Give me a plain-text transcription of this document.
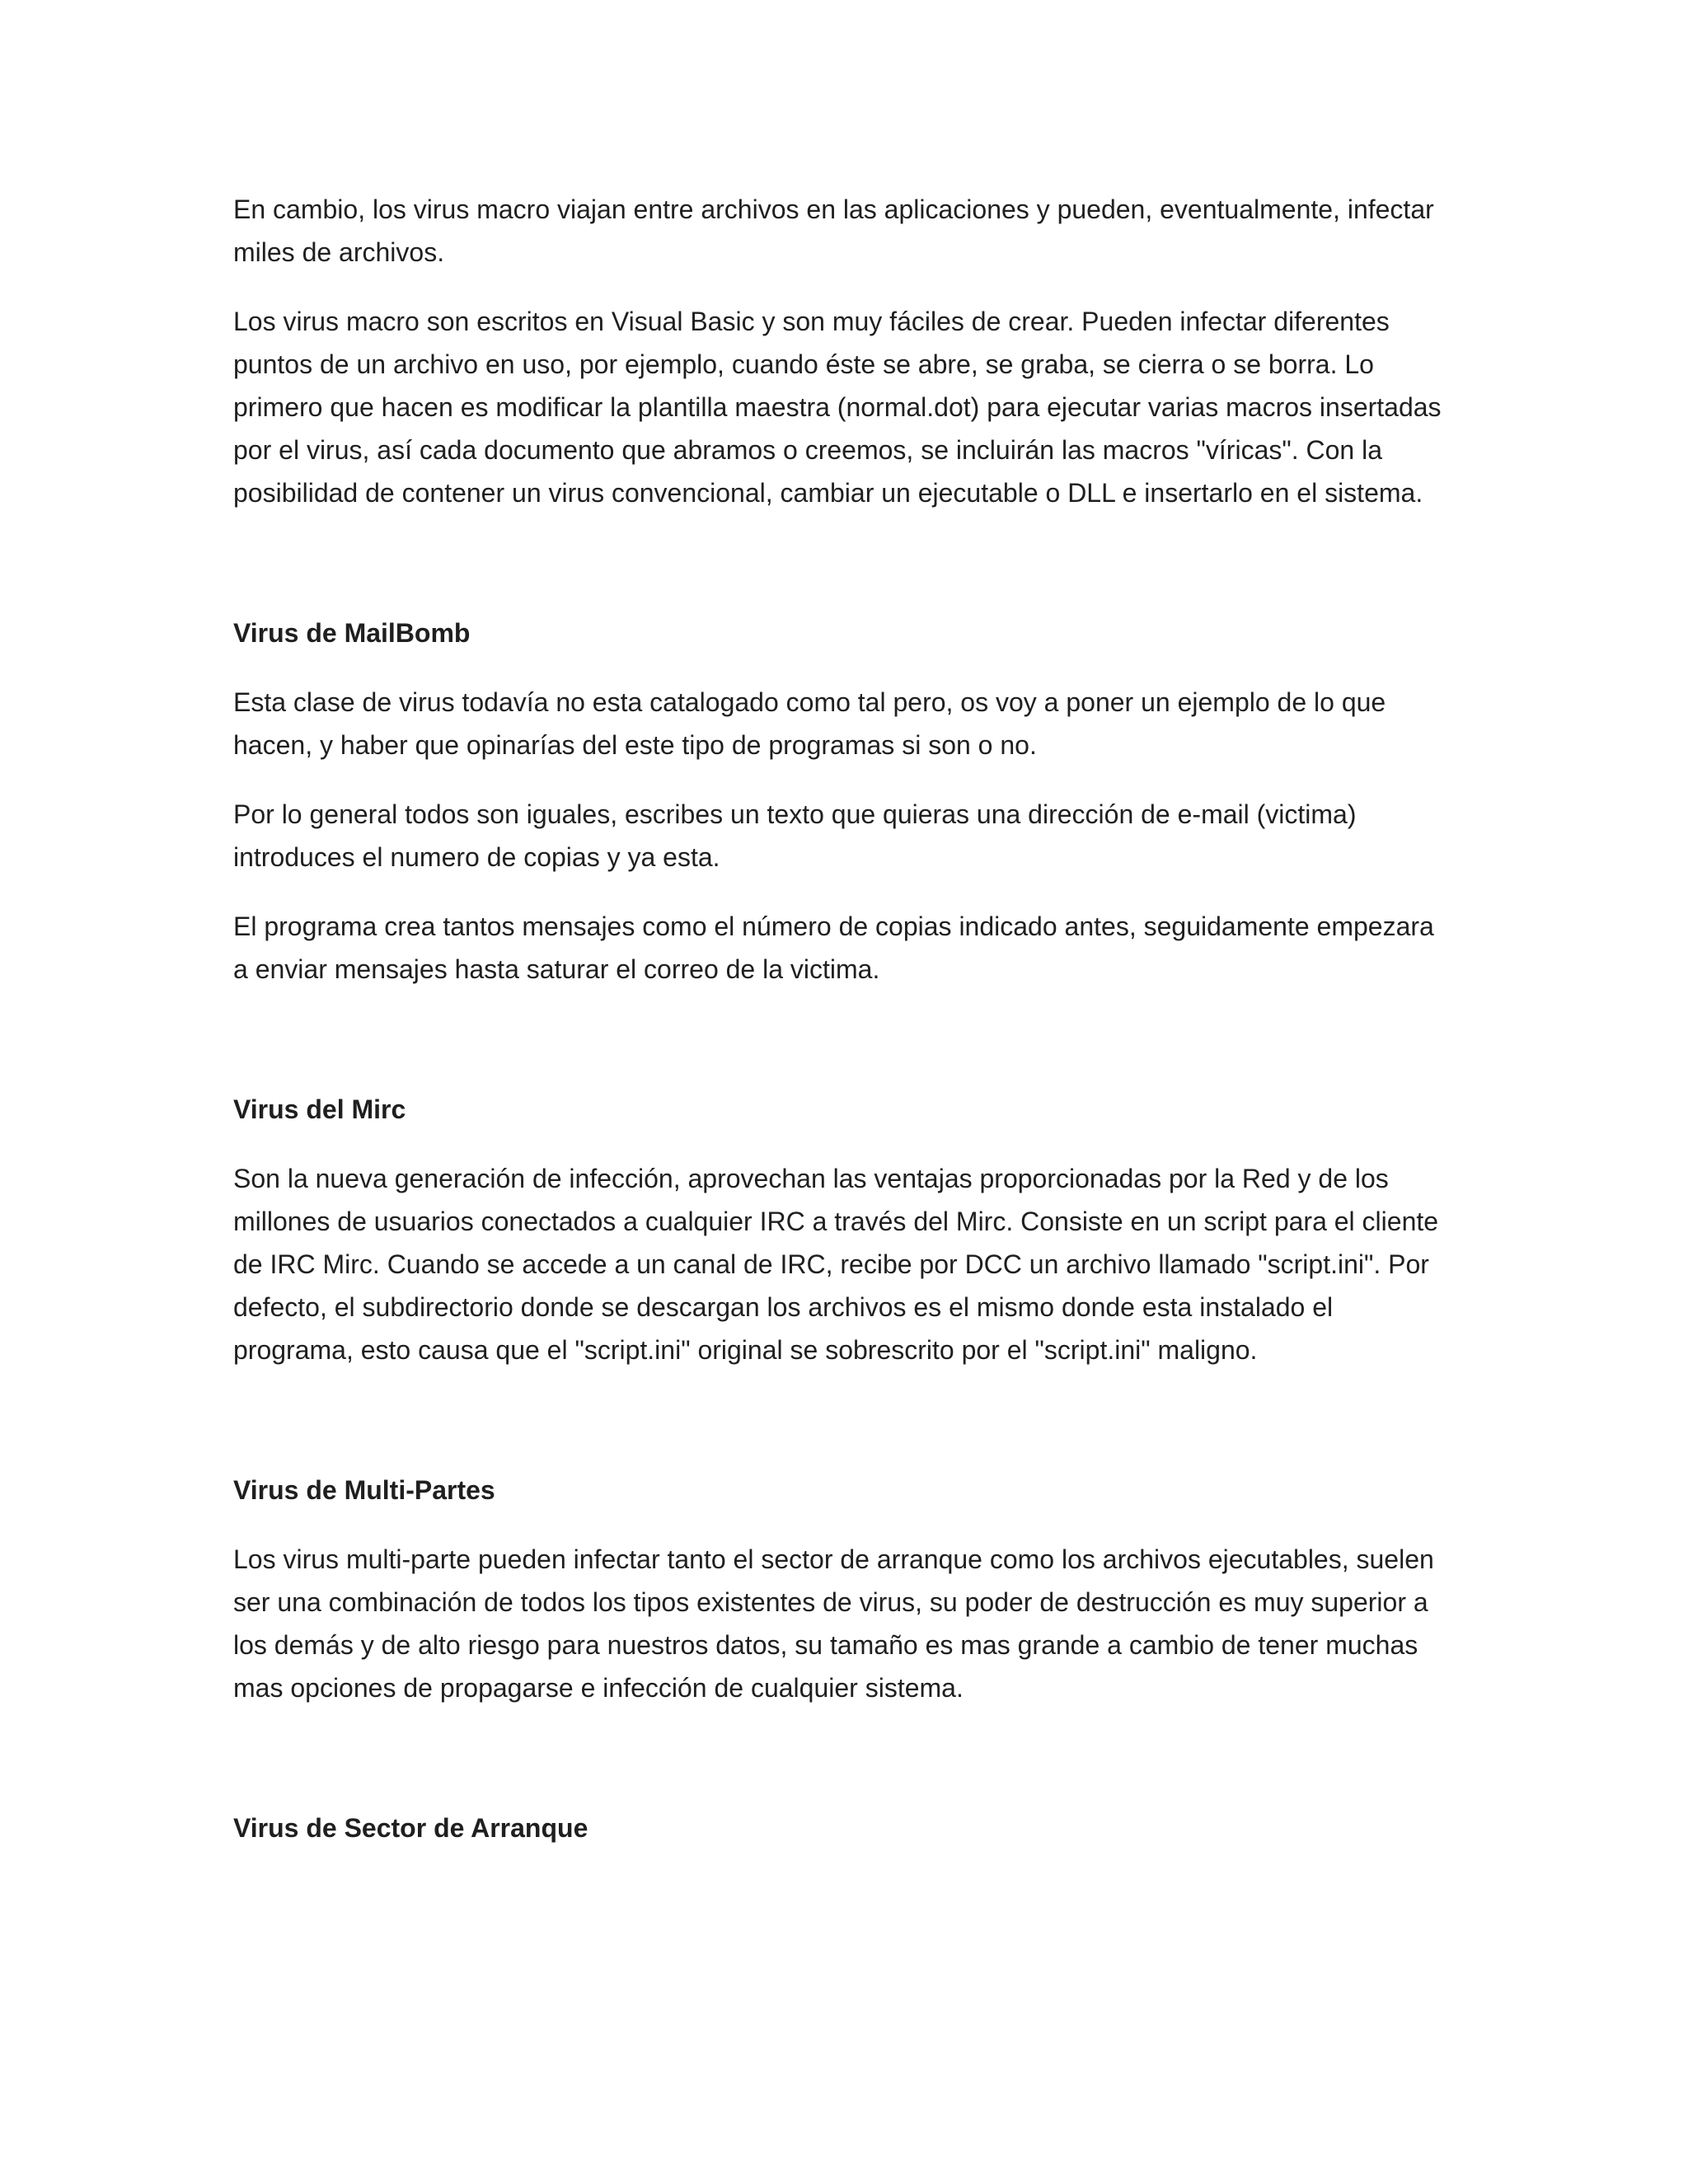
En cambio, los virus macro viajan entre archivos en las aplicaciones y pueden, eventualmente, infectar miles de archivos.

Los virus macro son escritos en Visual Basic y son muy fáciles de crear. Pueden infectar diferentes puntos de un archivo en uso, por ejemplo, cuando éste se abre, se graba, se cierra o se borra. Lo primero que hacen es modificar la plantilla maestra (normal.dot) para ejecutar varias macros insertadas por el virus, así cada documento que abramos o creemos, se incluirán las macros "víricas". Con la posibilidad de contener un virus convencional, cambiar un ejecutable o DLL e insertarlo en el sistema.

Virus de MailBomb

Esta clase de virus todavía no esta catalogado como tal pero, os voy a poner un ejemplo de lo que hacen, y haber que opinarías del este tipo de programas si son o no.

Por lo general todos son iguales, escribes un texto que quieras una dirección de e-mail (victima) introduces el numero de copias y ya esta.

El programa crea tantos mensajes como el número de copias indicado antes, seguidamente empezara a enviar mensajes hasta saturar el correo de la victima.

Virus del Mirc

Son la nueva generación de infección, aprovechan las ventajas proporcionadas por la Red y de los millones de usuarios conectados a cualquier IRC a través del Mirc. Consiste en un script para el cliente de IRC Mirc. Cuando se accede a un canal de IRC, recibe por DCC un archivo llamado "script.ini". Por defecto, el subdirectorio donde se descargan los archivos es el mismo donde esta instalado el programa, esto causa que el "script.ini" original se sobrescrito por el "script.ini" maligno.

Virus de Multi-Partes

Los virus multi-parte pueden infectar tanto el sector de arranque como los archivos ejecutables, suelen ser una combinación de todos los tipos existentes de virus, su poder de destrucción es muy superior a los demás y de alto riesgo para nuestros datos, su tamaño es mas grande a cambio de tener muchas mas opciones de propagarse e infección de cualquier sistema.

Virus de Sector de Arranque
